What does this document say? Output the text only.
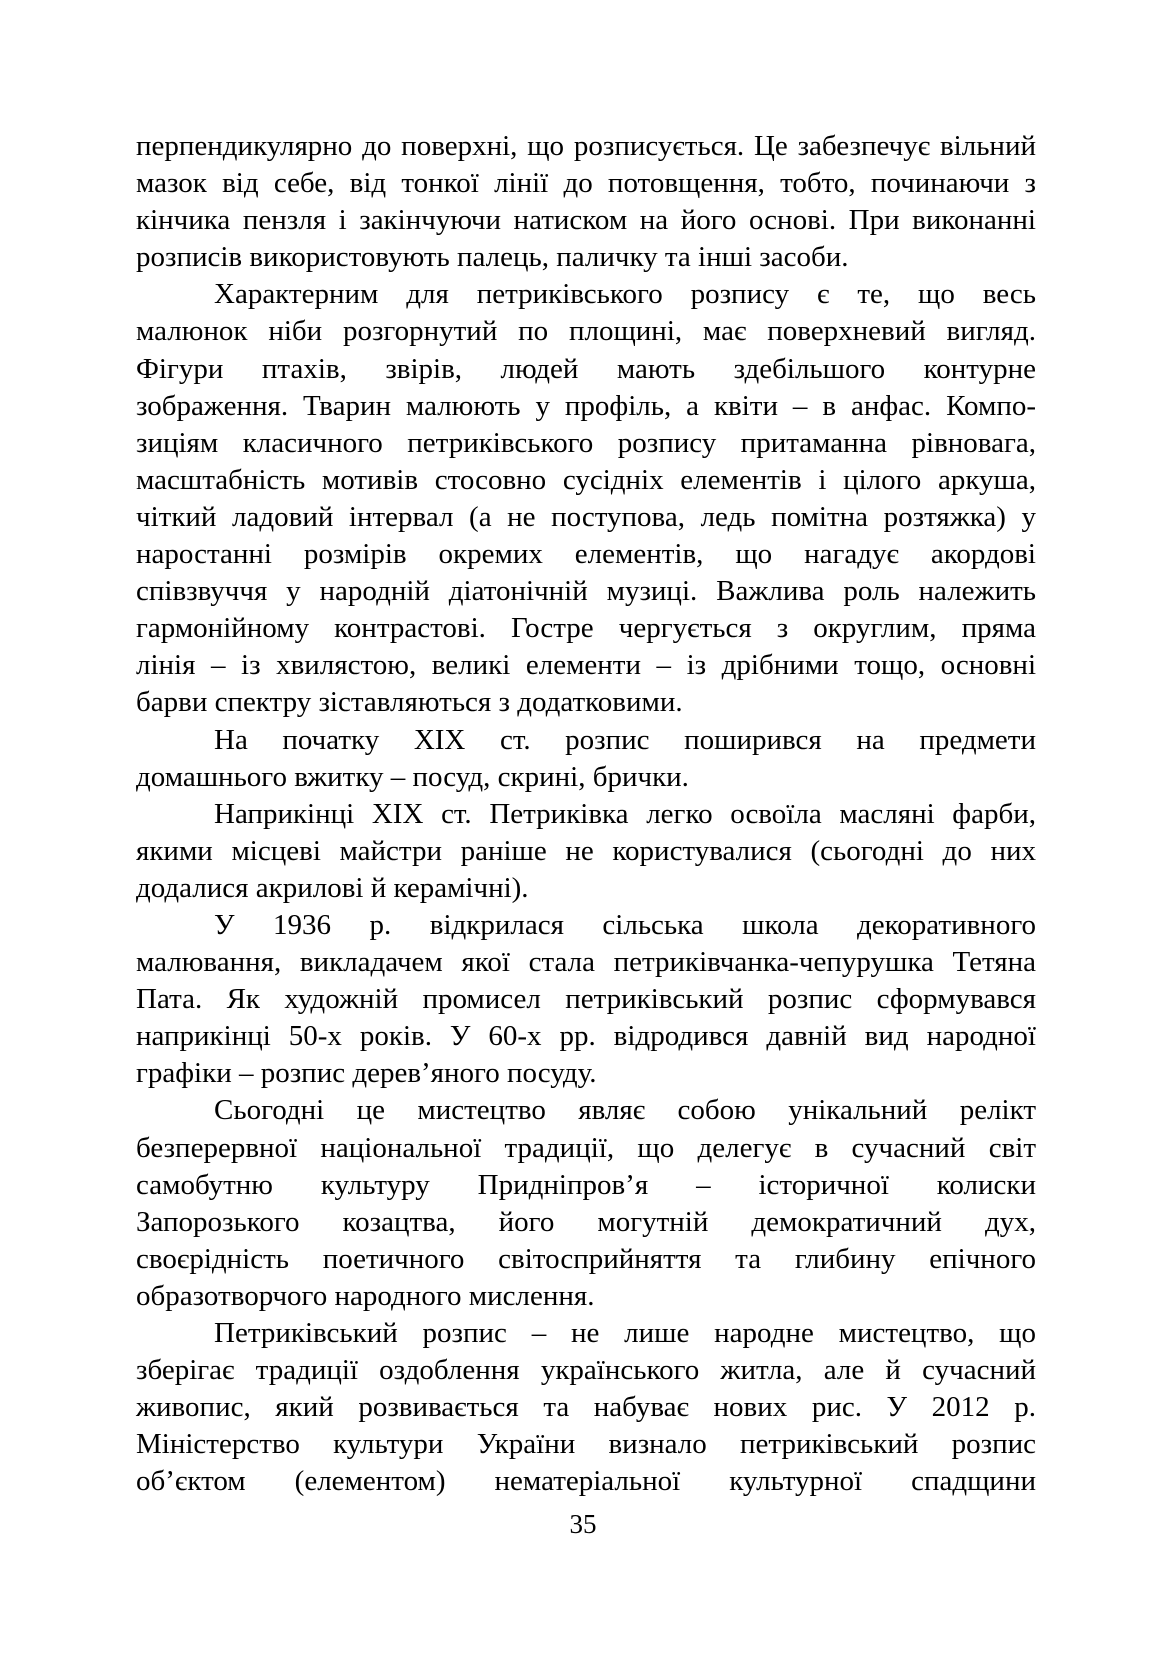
перпендикулярно до поверхні, що розписується. Це забезпечує вільний
мазок від себе, від тонкої лінії до потовщення, тобто, починаючи з
кінчика пензля і закінчуючи натиском на його основі. При виконанні
розписів використовують палець, паличку та інші засоби.
Характерним для петриківського розпису є те, що весь
малюнок ніби розгорнутий по площині, має поверхневий вигляд.
Фігури птахів, звірів, людей мають здебільшого контурне
зображення. Тварин малюють у профіль, а квіти – в анфас. Компо-
зиціям класичного петриківського розпису притаманна рівновага,
масштабність мотивів стосовно сусідніх елементів і цілого аркуша,
чіткий ладовий інтервал (а не поступова, ледь помітна розтяжка) у
наростанні розмірів окремих елементів, що нагадує акордові
співзвуччя у народній діатонічній музиці. Важлива роль належить
гармонійному контрастові. Гостре чергується з округлим, пряма
лінія – із хвилястою, великі елементи – із дрібними тощо, основні
барви спектру зіставляються з додатковими.
На початку XIX ст. розпис поширився на предмети
домашнього вжитку – посуд, скрині, брички.
Наприкінці XIX ст. Петриківка легко освоїла масляні фарби,
якими місцеві майстри раніше не користувалися (сьогодні до них
додалися акрилові й керамічні).
У 1936 р. відкрилася сільська школа декоративного
малювання, викладачем якої стала петриківчанка-чепурушка Тетяна
Пата. Як художній промисел петриківський розпис сформувався
наприкінці 50-х років. У 60-х рр. відродився давній вид народної
графіки – розпис дерев’яного посуду.
Сьогодні це мистецтво являє собою унікальний релікт
безперервної національної традиції, що делегує в сучасний світ
самобутню культуру Придніпров’я – історичної колиски
Запорозького козацтва, його могутній демократичний дух,
своєрідність поетичного світосприйняття та глибину епічного
образотворчого народного мислення.
Петриківський розпис – не лише народне мистецтво, що
зберігає традиції оздоблення українського житла, але й сучасний
живопис, який розвивається та набуває нових рис. У 2012 р.
Міністерство культури України визнало петриківський розпис
об’єктом (елементом) нематеріальної культурної спадщини
35
